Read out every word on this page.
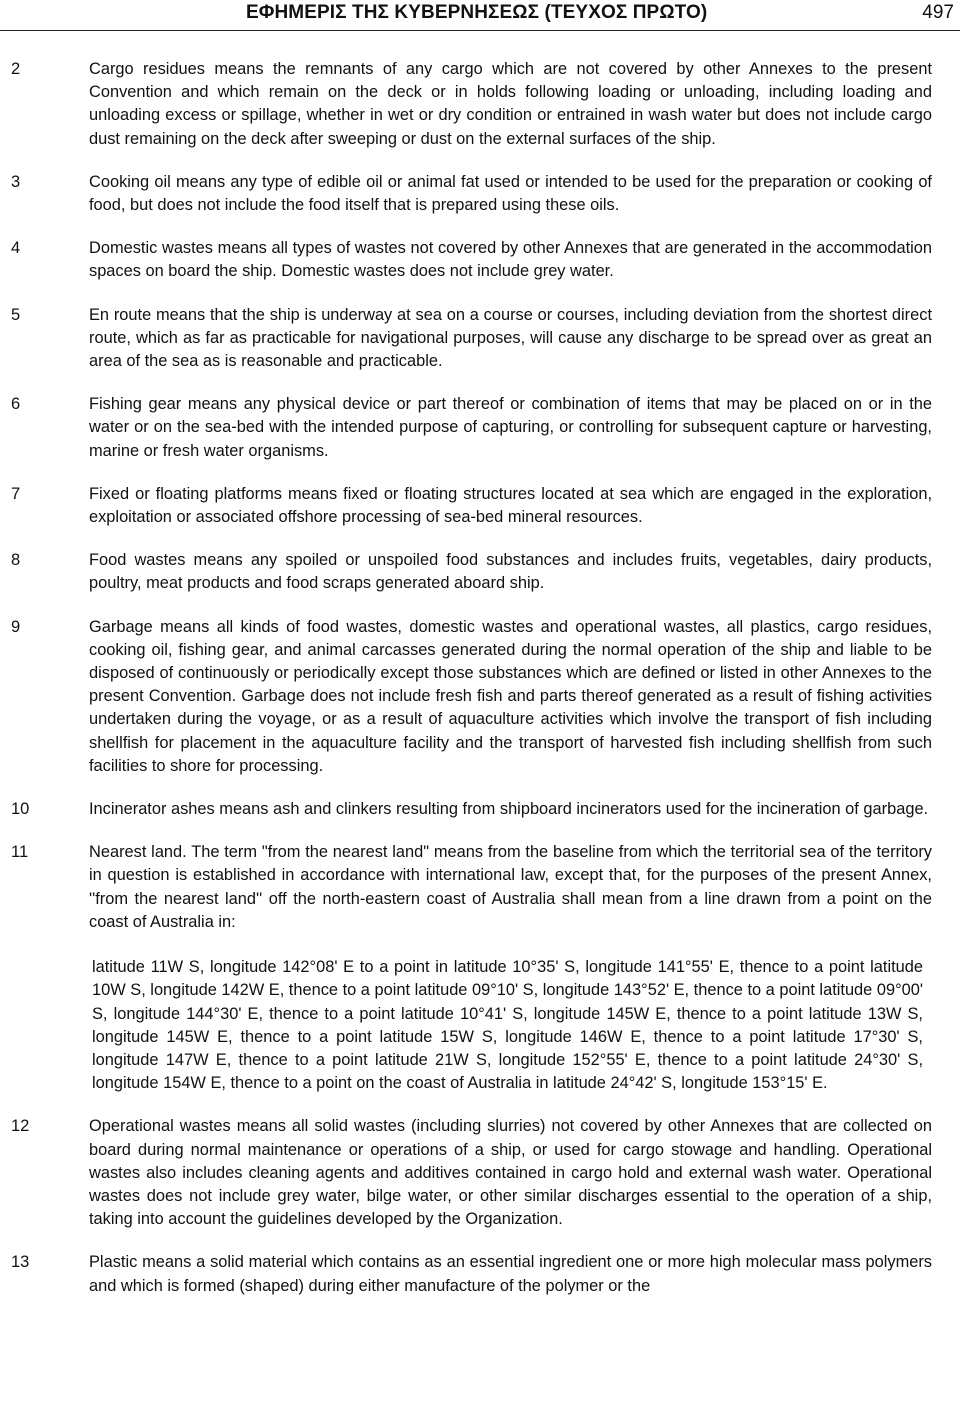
ΕΦΗΜΕΡΙΣ ΤΗΣ ΚΥΒΕΡΝΗΣΕΩΣ (ΤΕΥΧΟΣ ΠΡΩΤΟ)	497
2	Cargo residues means the remnants of any cargo which are not covered by other Annexes to the present Convention and which remain on the deck or in holds following loading or unloading, including loading and unloading excess or spillage, whether in wet or dry condition or entrained in wash water but does not include cargo dust remaining on the deck after sweeping or dust on the external surfaces of the ship.
3	Cooking oil means any type of edible oil or animal fat used or intended to be used for the preparation or cooking of food, but does not include the food itself that is prepared using these oils.
4	Domestic wastes means all types of wastes not covered by other Annexes that are generated in the accommodation spaces on board the ship. Domestic wastes does not include grey water.
5	En route means that the ship is underway at sea on a course or courses, including deviation from the shortest direct route, which as far as practicable for navigational purposes, will cause any discharge to be spread over as great an area of the sea as is reasonable and practicable.
6	Fishing gear means any physical device or part thereof or combination of items that may be placed on or in the water or on the sea-bed with the intended purpose of capturing, or controlling for subsequent capture or harvesting, marine or fresh water organisms.
7	Fixed or floating platforms means fixed or floating structures located at sea which are engaged in the exploration, exploitation or associated offshore processing of sea-bed mineral resources.
8	Food wastes means any spoiled or unspoiled food substances and includes fruits, vegetables, dairy products, poultry, meat products and food scraps generated aboard ship.
9	Garbage means all kinds of food wastes, domestic wastes and operational wastes, all plastics, cargo residues, cooking oil, fishing gear, and animal carcasses generated during the normal operation of the ship and liable to be disposed of continuously or periodically except those substances which are defined or listed in other Annexes to the present Convention. Garbage does not include fresh fish and parts thereof generated as a result of fishing activities undertaken during the voyage, or as a result of aquaculture activities which involve the transport of fish including shellfish for placement in the aquaculture facility and the transport of harvested fish including shellfish from such facilities to shore for processing.
10	Incinerator ashes means ash and clinkers resulting from shipboard incinerators used for the incineration of garbage.
11	Nearest land. The term "from the nearest land" means from the baseline from which the territorial sea of the territory in question is established in accordance with international law, except that, for the purposes of the present Annex, ''from the nearest land'' off the north-eastern coast of Australia shall mean from a line drawn from a point on the coast of Australia in:
latitude 11W S, longitude 142°08' E to a point in latitude 10°35' S, longitude 141°55' E, thence to a point latitude 10W S, longitude 142W E, thence to a point latitude 09°10' S, longitude 143°52' E, thence to a point latitude 09°00' S, longitude 144°30' E, thence to a point latitude 10°41' S, longitude 145W E, thence to a point latitude 13W S, longitude 145W E, thence to a point latitude 15W S, longitude 146W E, thence to a point latitude 17°30' S, longitude 147W E, thence to a point latitude 21W S, longitude 152°55' E, thence to a point latitude 24°30' S, longitude 154W E, thence to a point on the coast of Australia in latitude 24°42' S, longitude 153°15' E.
12	Operational wastes means all solid wastes (including slurries) not covered by other Annexes that are collected on board during normal maintenance or operations of a ship, or used for cargo stowage and handling. Operational wastes also includes cleaning agents and additives contained in cargo hold and external wash water. Operational wastes does not include grey water, bilge water, or other similar discharges essential to the operation of a ship, taking into account the guidelines developed by the Organization.
13	Plastic means a solid material which contains as an essential ingredient one or more high molecular mass polymers and which is formed (shaped) during either manufacture of the polymer or the
